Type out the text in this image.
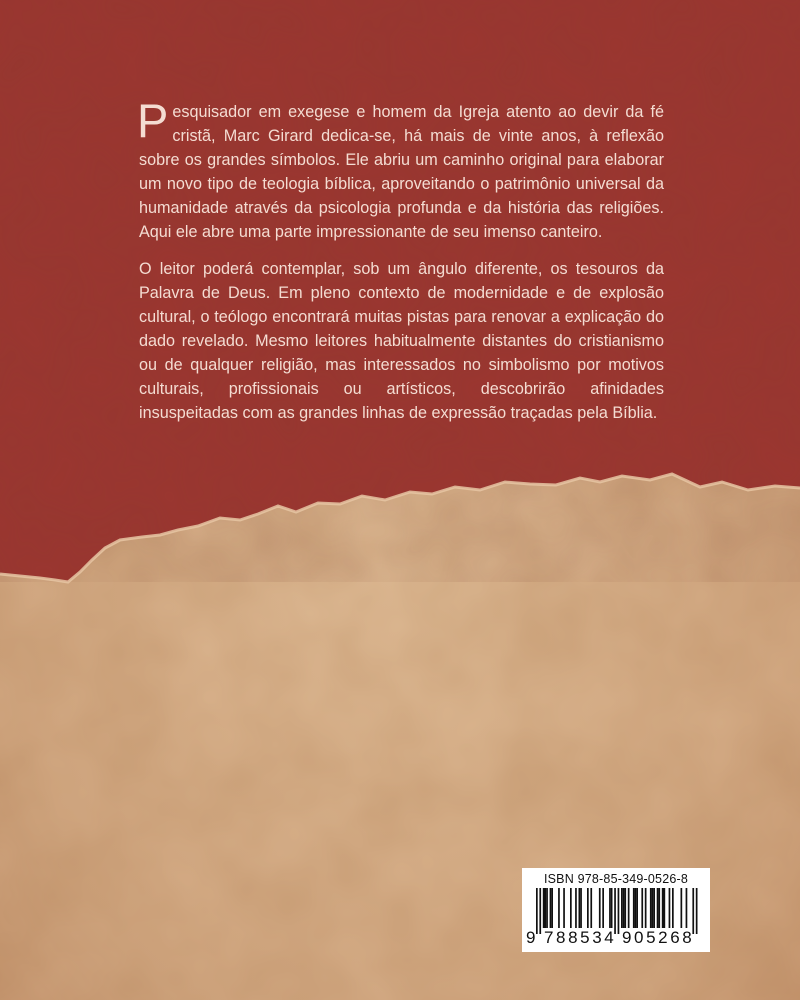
Pesquisador em exegese e homem da Igreja atento ao devir da fé cristã, Marc Girard dedica-se, há mais de vinte anos, à reflexão sobre os grandes símbolos. Ele abriu um caminho original para elaborar um novo tipo de teologia bíblica, aproveitando o patrimônio universal da humanidade através da psicologia profunda e da história das religiões. Aqui ele abre uma parte impressionante de seu imenso canteiro.

O leitor poderá contemplar, sob um ângulo diferente, os tesouros da Palavra de Deus. Em pleno contexto de modernidade e de explosão cultural, o teólogo encontrará muitas pistas para renovar a explicação do dado revelado. Mesmo leitores habitualmente distantes do cristianismo ou de qualquer religião, mas interessados no simbolismo por motivos culturais, profissionais ou artísticos, descobrirão afinidades insuspeitadas com as grandes linhas de expressão traçadas pela Bíblia.

ISBN 978-85-349-0526-8
9 788534 905268
